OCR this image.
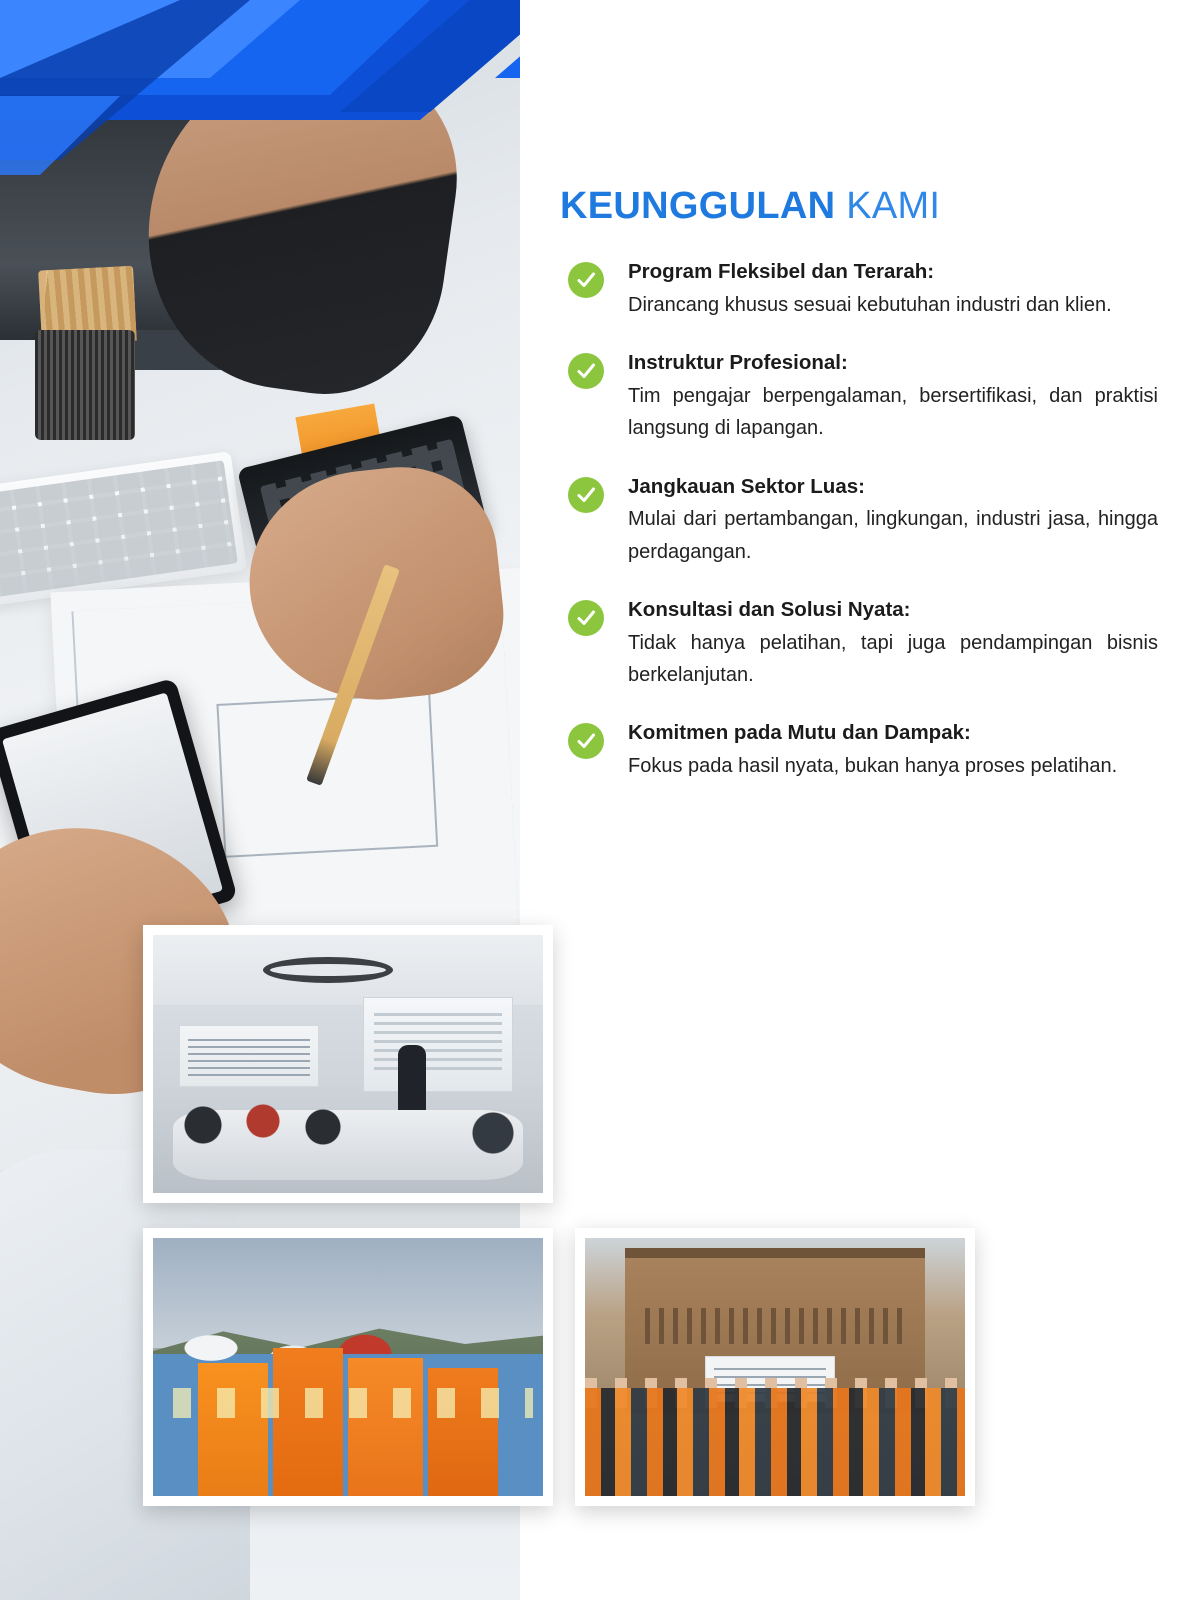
KEUNGGULAN KAMI
Program Fleksibel dan Terarah:
Dirancang khusus sesuai kebutuhan industri dan klien.
Instruktur Profesional:
Tim pengajar berpengalaman, bersertifikasi, dan praktisi langsung di lapangan.
Jangkauan Sektor Luas:
Mulai dari pertambangan, lingkungan, industri jasa, hingga perdagangan.
Konsultasi dan Solusi Nyata:
Tidak hanya pelatihan, tapi juga pendampingan bisnis berkelanjutan.
Komitmen pada Mutu dan Dampak:
Fokus pada hasil nyata, bukan hanya proses pelatihan.
